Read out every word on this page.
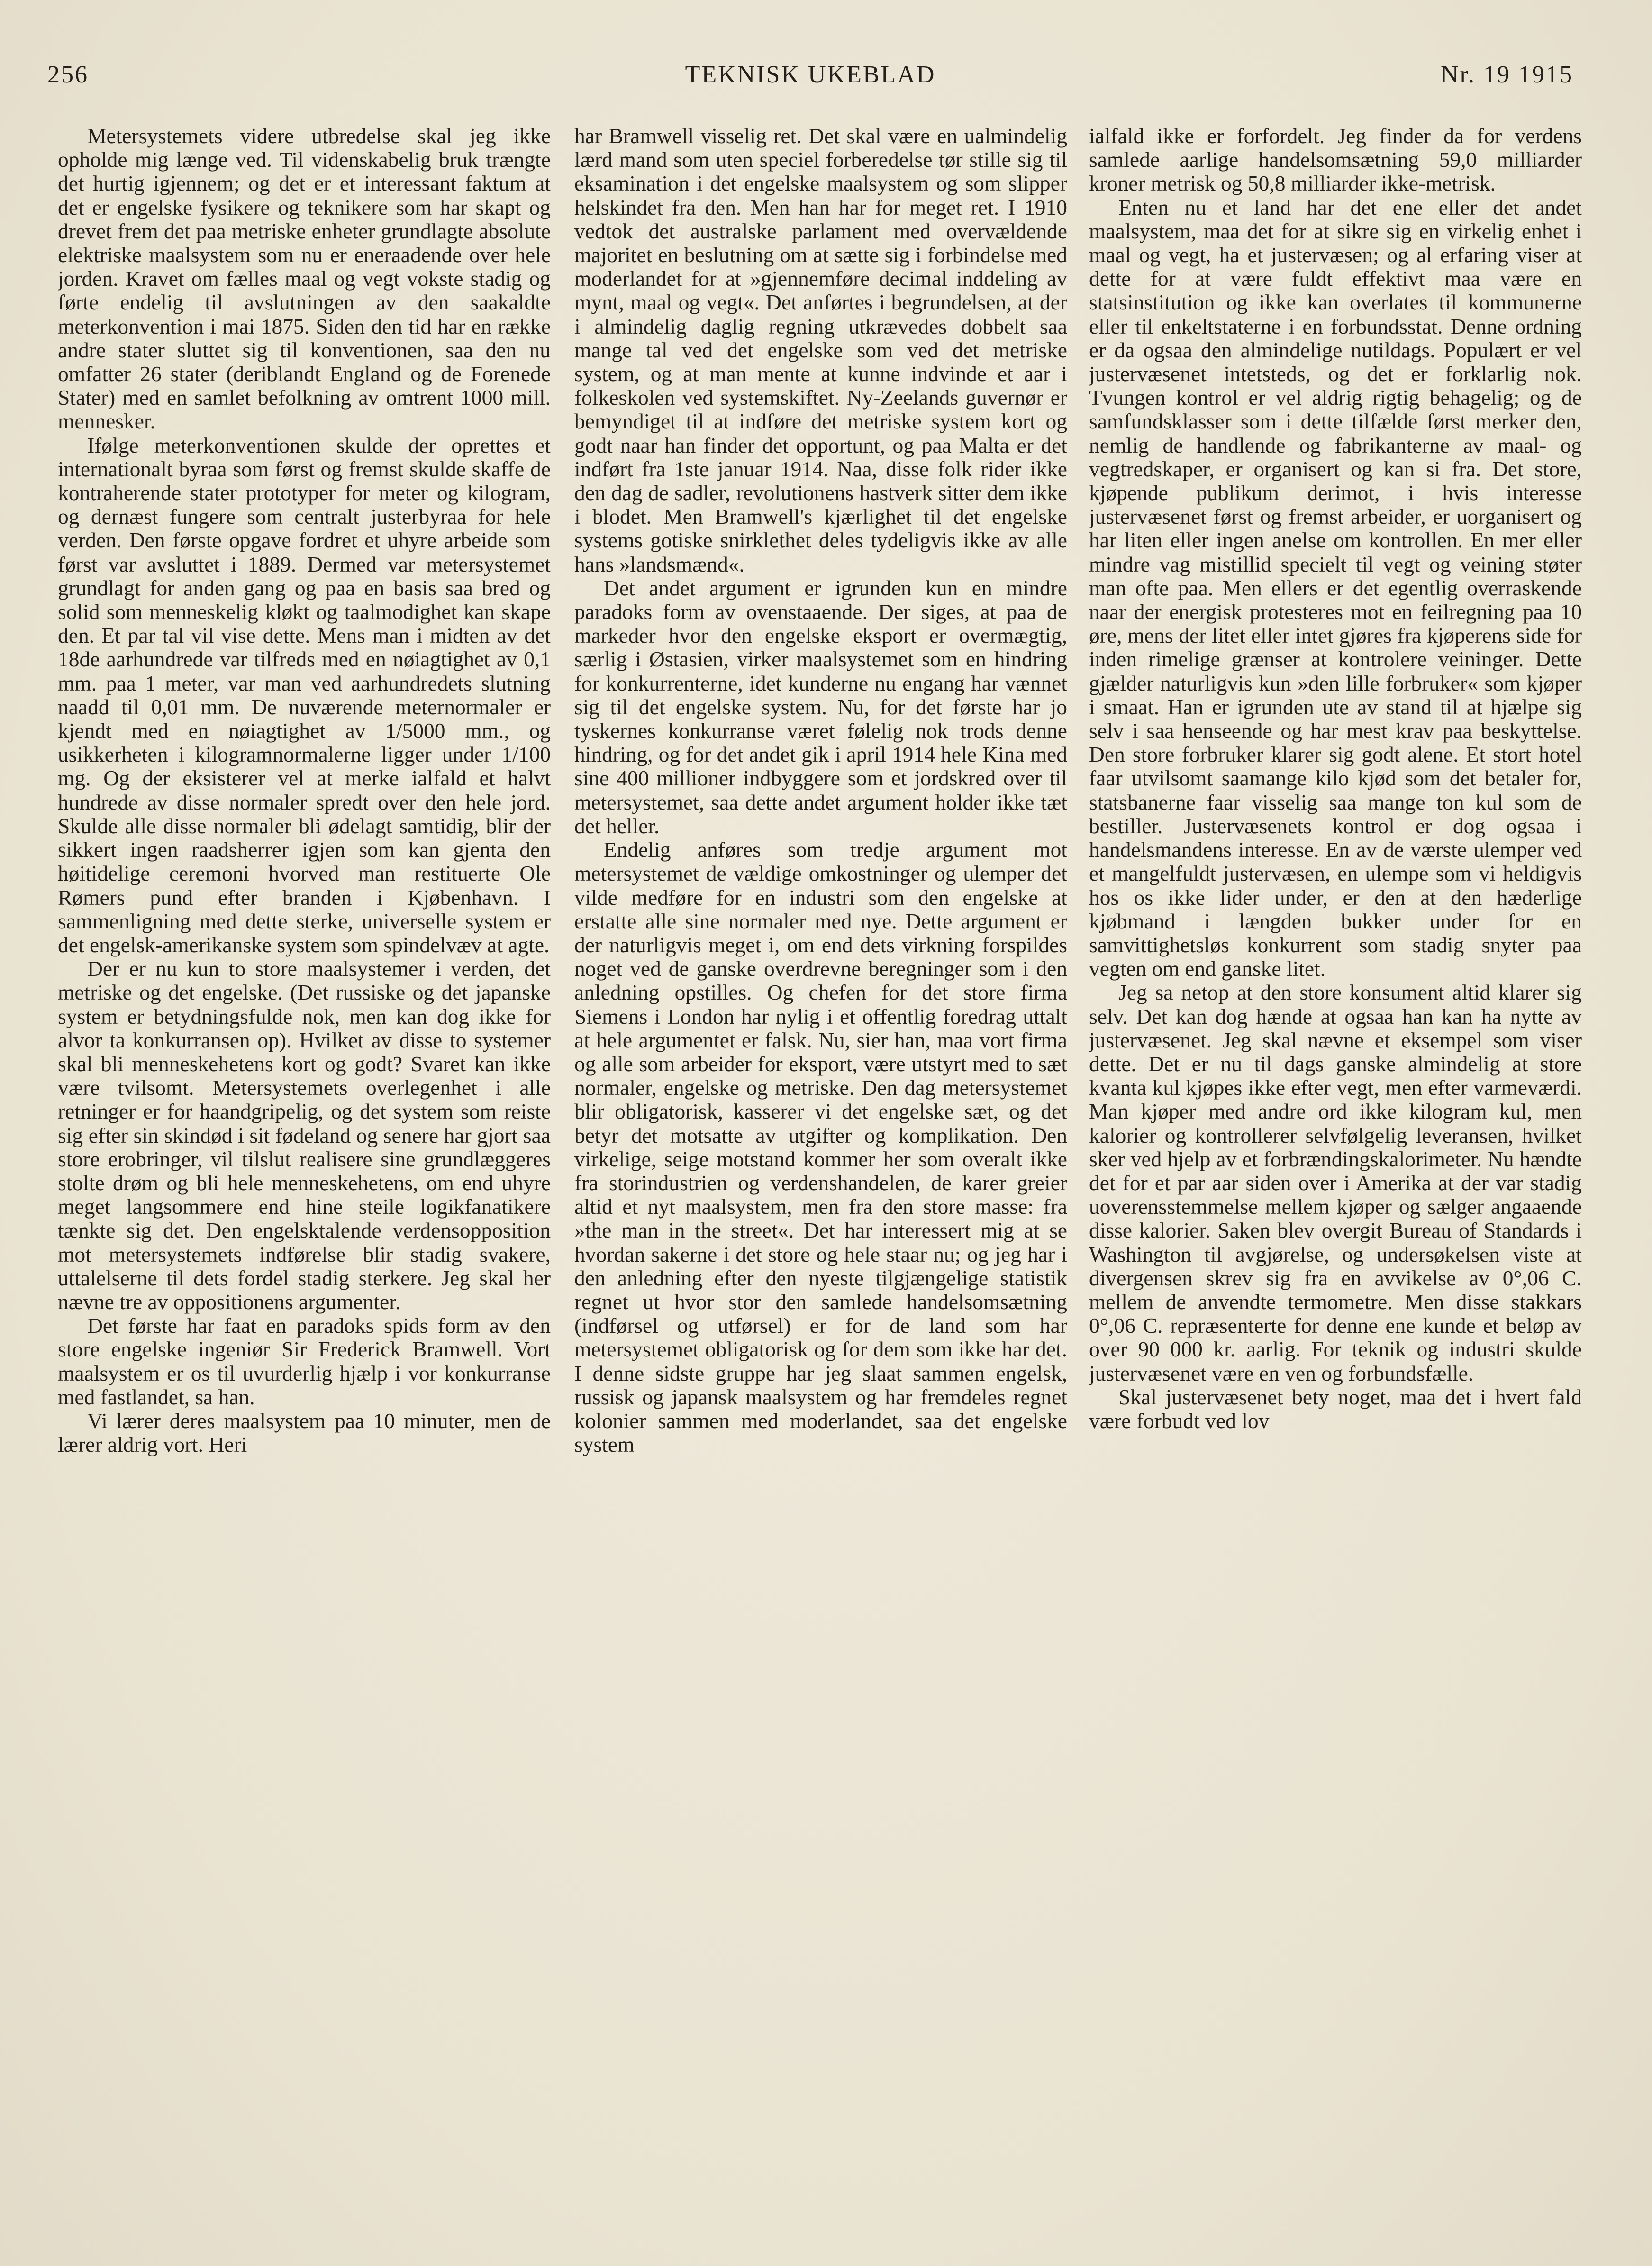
256	TEKNISK UKEBLAD	Nr. 19 1915

Metersystemets videre utbredelse skal jeg ikke opholde mig længe ved. Til videnskabelig bruk trængte det hurtig igjennem; og det er et interessant faktum at det er engelske fysikere og teknikere som har skapt og drevet frem det paa metriske enheter grundlagte absolute elektriske maalsystem som nu er eneraadende over hele jorden. Kravet om fælles maal og vegt vokste stadig og førte endelig til avslutningen av den saakaldte meterkonvention i mai 1875. Siden den tid har en række andre stater sluttet sig til konventionen, saa den nu omfatter 26 stater (deriblandt England og de Forenede Stater) med en samlet befolkning av omtrent 1000 mill. mennesker.

Ifølge meterkonventionen skulde der oprettes et internationalt byraa som først og fremst skulde skaffe de kontraherende stater prototyper for meter og kilogram, og dernæst fungere som centralt justerbyraa for hele verden. Den første opgave fordret et uhyre arbeide som først var avsluttet i 1889. Dermed var metersystemet grundlagt for anden gang og paa en basis saa bred og solid som menneskelig kløkt og taalmodighet kan skape den. Et par tal vil vise dette. Mens man i midten av det 18de aarhundrede var tilfreds med en nøiagtighet av 0,1 mm. paa 1 meter, var man ved aarhundredets slutning naadd til 0,01 mm. De nuværende meternormaler er kjendt med en nøiagtighet av 1/5000 mm., og usikkerheten i kilogramnormalerne ligger under 1/100 mg. Og der eksisterer vel at merke ialfald et halvt hundrede av disse normaler spredt over den hele jord. Skulde alle disse normaler bli ødelagt samtidig, blir der sikkert ingen raadsherrer igjen som kan gjenta den høitidelige ceremoni hvorved man restituerte Ole Rømers pund efter branden i Kjøbenhavn. I sammenligning med dette sterke, universelle system er det engelsk-amerikanske system som spindelvæv at agte.

Der er nu kun to store maalsystemer i verden, det metriske og det engelske. (Det russiske og det japanske system er betydningsfulde nok, men kan dog ikke for alvor ta konkurransen op). Hvilket av disse to systemer skal bli menneskehetens kort og godt? Svaret kan ikke være tvilsomt. Metersystemets overlegenhet i alle retninger er for haandgripelig, og det system som reiste sig efter sin skindød i sit fødeland og senere har gjort saa store erobringer, vil tilslut realisere sine grundlæggeres stolte drøm og bli hele menneskehetens, om end uhyre meget langsommere end hine steile logikfanatikere tænkte sig det. Den engelsktalende verdensopposition mot metersystemets indførelse blir stadig svakere, uttalelserne til dets fordel stadig sterkere. Jeg skal her nævne tre av oppositionens argumenter.

Det første har faat en paradoks spids form av den store engelske ingeniør Sir Frederick Bramwell. Vort maalsystem er os til uvurderlig hjælp i vor konkurranse med fastlandet, sa han.

Vi lærer deres maalsystem paa 10 minuter, men de lærer aldrig vort. Heri

har Bramwell visselig ret. Det skal være en ualmindelig lærd mand som uten speciel forberedelse tør stille sig til eksamination i det engelske maalsystem og som slipper helskindet fra den. Men han har for meget ret. I 1910 vedtok det australske parlament med overvældende majoritet en beslutning om at sætte sig i forbindelse med moderlandet for at »gjennemføre decimal inddeling av mynt, maal og vegt«. Det anførtes i begrundelsen, at der i almindelig daglig regning utkrævedes dobbelt saa mange tal ved det engelske som ved det metriske system, og at man mente at kunne indvinde et aar i folkeskolen ved systemskiftet. Ny-Zeelands guvernør er bemyndiget til at indføre det metriske system kort og godt naar han finder det opportunt, og paa Malta er det indført fra 1ste januar 1914. Naa, disse folk rider ikke den dag de sadler, revolutionens hastverk sitter dem ikke i blodet. Men Bramwell's kjærlighet til det engelske systems gotiske snirklethet deles tydeligvis ikke av alle hans »landsmænd«.

Det andet argument er igrunden kun en mindre paradoks form av ovenstaaende. Der siges, at paa de markeder hvor den engelske eksport er overmægtig, særlig i Østasien, virker maalsystemet som en hindring for konkurrenterne, idet kunderne nu engang har vænnet sig til det engelske system. Nu, for det første har jo tyskernes konkurranse været følelig nok trods denne hindring, og for det andet gik i april 1914 hele Kina med sine 400 millioner indbyggere som et jordskred over til metersystemet, saa dette andet argument holder ikke tæt det heller.

Endelig anføres som tredje argument mot metersystemet de vældige omkostninger og ulemper det vilde medføre for en industri som den engelske at erstatte alle sine normaler med nye. Dette argument er der naturligvis meget i, om end dets virkning forspildes noget ved de ganske overdrevne beregninger som i den anledning opstilles. Og chefen for det store firma Siemens i London har nylig i et offentlig foredrag uttalt at hele argumentet er falsk. Nu, sier han, maa vort firma og alle som arbeider for eksport, være utstyrt med to sæt normaler, engelske og metriske. Den dag metersystemet blir obligatorisk, kasserer vi det engelske sæt, og det betyr det motsatte av utgifter og komplikation. Den virkelige, seige motstand kommer her som overalt ikke fra storindustrien og verdenshandelen, de karer greier altid et nyt maalsystem, men fra den store masse: fra »the man in the street«. Det har interessert mig at se hvordan sakerne i det store og hele staar nu; og jeg har i den anledning efter den nyeste tilgjængelige statistik regnet ut hvor stor den samlede handelsomsætning (indførsel og utførsel) er for de land som har metersystemet obligatorisk og for dem som ikke har det. I denne sidste gruppe har jeg slaat sammen engelsk, russisk og japansk maalsystem og har fremdeles regnet kolonier sammen med moderlandet, saa det engelske system

ialfald ikke er forfordelt. Jeg finder da for verdens samlede aarlige handelsomsætning 59,0 milliarder kroner metrisk og 50,8 milliarder ikke-metrisk.

Enten nu et land har det ene eller det andet maalsystem, maa det for at sikre sig en virkelig enhet i maal og vegt, ha et justervæsen; og al erfaring viser at dette for at være fuldt effektivt maa være en statsinstitution og ikke kan overlates til kommunerne eller til enkeltstaterne i en forbundsstat. Denne ordning er da ogsaa den almindelige nutildags. Populært er vel justervæsenet intetsteds, og det er forklarlig nok. Tvungen kontrol er vel aldrig rigtig behagelig; og de samfundsklasser som i dette tilfælde først merker den, nemlig de handlende og fabrikanterne av maal- og vegtredskaper, er organisert og kan si fra. Det store, kjøpende publikum derimot, i hvis interesse justervæsenet først og fremst arbeider, er uorganisert og har liten eller ingen anelse om kontrollen. En mer eller mindre vag mistillid specielt til vegt og veining støter man ofte paa. Men ellers er det egentlig overraskende naar der energisk protesteres mot en feilregning paa 10 øre, mens der litet eller intet gjøres fra kjøperens side for inden rimelige grænser at kontrolere veininger. Dette gjælder naturligvis kun »den lille forbruker« som kjøper i smaat. Han er igrunden ute av stand til at hjælpe sig selv i saa henseende og har mest krav paa beskyttelse. Den store forbruker klarer sig godt alene. Et stort hotel faar utvilsomt saamange kilo kjød som det betaler for, statsbanerne faar visselig saa mange ton kul som de bestiller. Justervæsenets kontrol er dog ogsaa i handelsmandens interesse. En av de værste ulemper ved et mangelfuldt justervæsen, en ulempe som vi heldigvis hos os ikke lider under, er den at den hæderlige kjøbmand i længden bukker under for en samvittighetsløs konkurrent som stadig snyter paa vegten om end ganske litet.

Jeg sa netop at den store konsument altid klarer sig selv. Det kan dog hænde at ogsaa han kan ha nytte av justervæsenet. Jeg skal nævne et eksempel som viser dette. Det er nu til dags ganske almindelig at store kvanta kul kjøpes ikke efter vegt, men efter varmeværdi. Man kjøper med andre ord ikke kilogram kul, men kalorier og kontrollerer selvfølgelig leveransen, hvilket sker ved hjelp av et forbrændingskalorimeter. Nu hændte det for et par aar siden over i Amerika at der var stadig uoverensstemmelse mellem kjøper og sælger angaaende disse kalorier. Saken blev overgit Bureau of Standards i Washington til avgjørelse, og undersøkelsen viste at divergensen skrev sig fra en avvikelse av 0°,06 C. mellem de anvendte termometre. Men disse stakkars 0°,06 C. repræsenterte for denne ene kunde et beløp av over 90 000 kr. aarlig. For teknik og industri skulde justervæsenet være en ven og forbundsfælle.

Skal justervæsenet bety noget, maa det i hvert fald være forbudt ved lov
